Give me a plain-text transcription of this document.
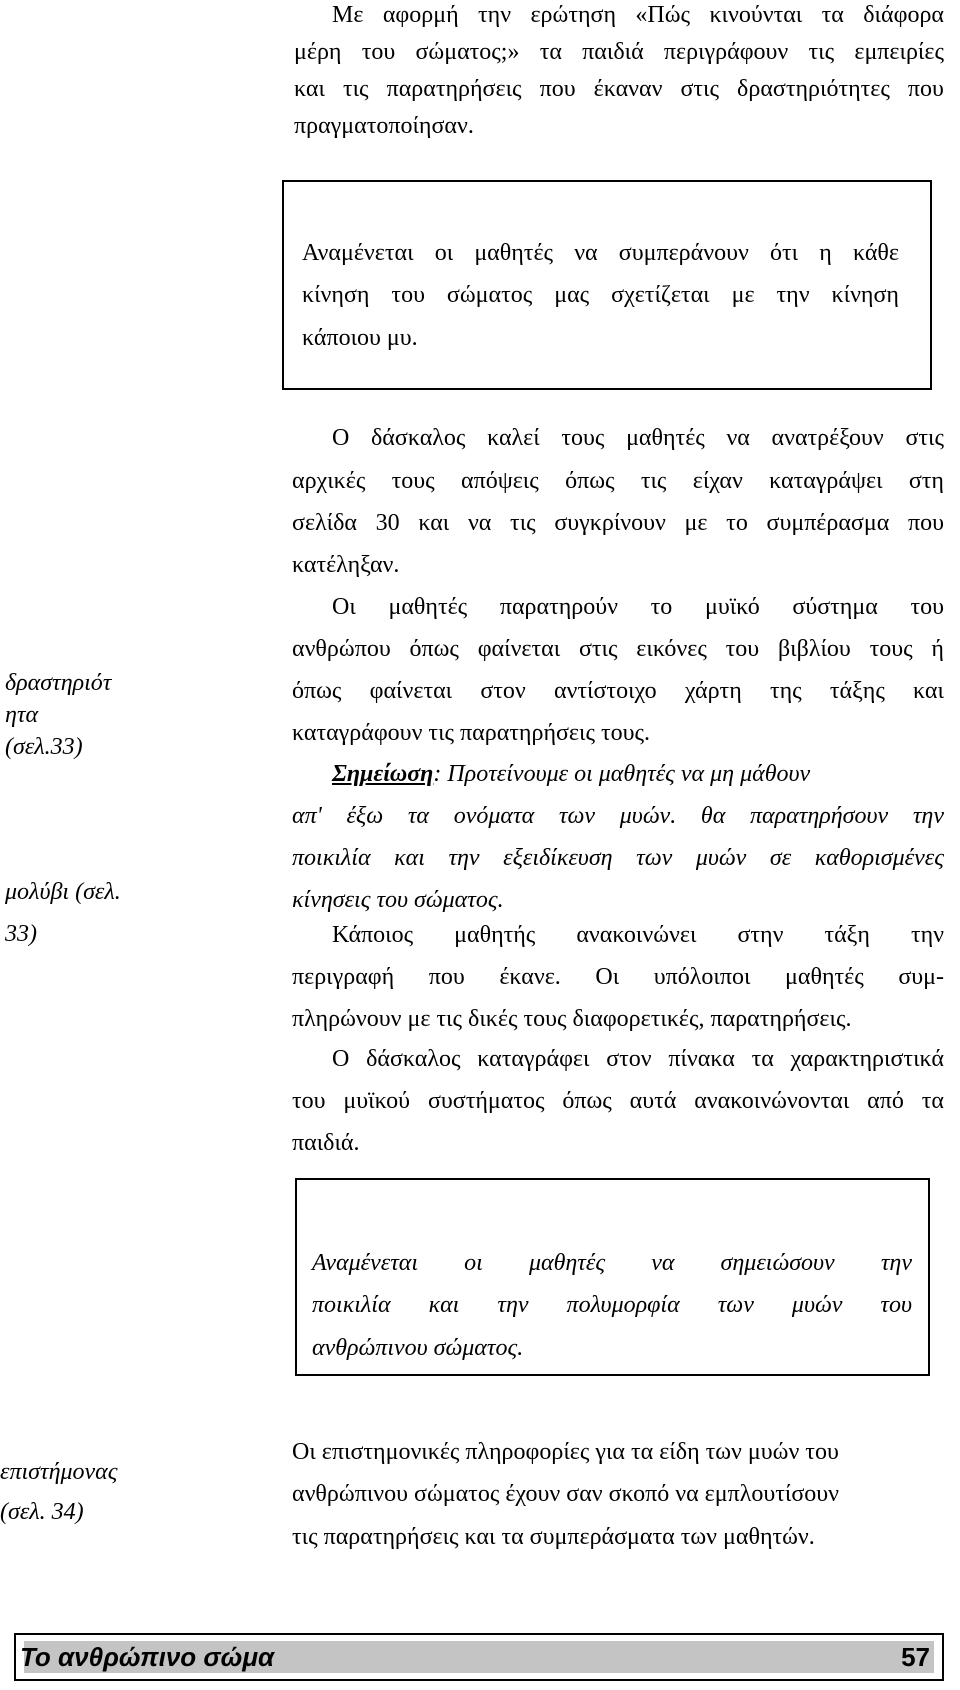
Με αφορμή την ερώτηση «Πώς κινούνται τα διάφορα
μέρη του σώματος;» τα παιδιά περιγράφουν τις εμπειρίες
και τις παρατηρήσεις που έκαναν στις δραστηριότητες που
πραγματοποίησαν.
Αναμένεται οι μαθητές να συμπεράνουν ότι η κάθε
κίνηση του σώματος μας σχετίζεται με την κίνηση
κάποιου μυ.
δραστηριότ
ητα
(σελ.33)
μολύβι (σελ.
33)
επιστήμονας
(σελ. 34)
Ο δάσκαλος καλεί τους μαθητές να ανατρέξουν στις
αρχικές τους απόψεις όπως τις είχαν καταγράψει στη
σελίδα 30 και να τις συγκρίνουν με το συμπέρασμα που
κατέληξαν.
Οι μαθητές παρατηρούν το μυϊκό σύστημα του
ανθρώπου όπως φαίνεται στις εικόνες του βιβλίου τους ή
όπως φαίνεται στον αντίστοιχο χάρτη της τάξης και
καταγράφουν τις παρατηρήσεις τους.
Σημείωση: Προτείνουμε οι μαθητές να μη μάθουν
απ' έξω τα ονόματα των μυών. θα παρατηρήσουν την
ποικιλία και την εξειδίκευση των μυών σε καθορισμένες
κίνησεις του σώματος.
Κάποιος μαθητής ανακοινώνει στην τάξη την
περιγραφή που έκανε. Οι υπόλοιποι μαθητές συμ-
πληρώνουν με τις δικές τους διαφορετικές, παρατηρήσεις.
Ο δάσκαλος καταγράφει στον πίνακα τα χαρακτηριστικά
του μυϊκού συστήματος όπως αυτά ανακοινώνονται από τα
παιδιά.
Αναμένεται οι μαθητές να σημειώσουν την
ποικιλία και την πολυμορφία των μυών του
ανθρώπινου σώματος.
Οι επιστημονικές πληροφορίες για τα είδη των μυών του
ανθρώπινου σώματος έχουν σαν σκοπό να εμπλουτίσουν
τις παρατηρήσεις και τα συμπεράσματα των μαθητών.
Το ανθρώπινο σώμα	57
